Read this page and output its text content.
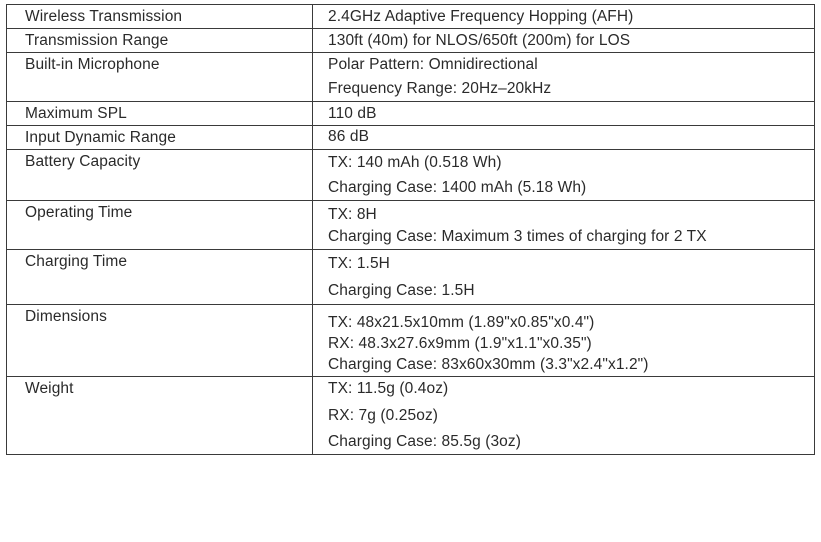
Wireless Transmission	2.4GHz Adaptive Frequency Hopping (AFH)

Transmission Range	130ft (40m) for NLOS/650ft (200m) for LOS

Built-in Microphone	Polar Pattern: Omnidirectional
Frequency Range: 20Hz–20kHz

Maximum SPL	110 dB

Input Dynamic Range	86 dB

Battery Capacity	TX: 140 mAh (0.518 Wh)
Charging Case: 1400 mAh (5.18 Wh)

Operating Time	TX: 8H
Charging Case: Maximum 3 times of charging for 2 TX

Charging Time	TX: 1.5H
Charging Case: 1.5H

Dimensions	TX: 48x21.5x10mm (1.89"x0.85"x0.4")
RX: 48.3x27.6x9mm (1.9"x1.1"x0.35")
Charging Case: 83x60x30mm (3.3"x2.4"x1.2")

Weight	TX: 11.5g (0.4oz)
RX: 7g (0.25oz)
Charging Case: 85.5g (3oz)
